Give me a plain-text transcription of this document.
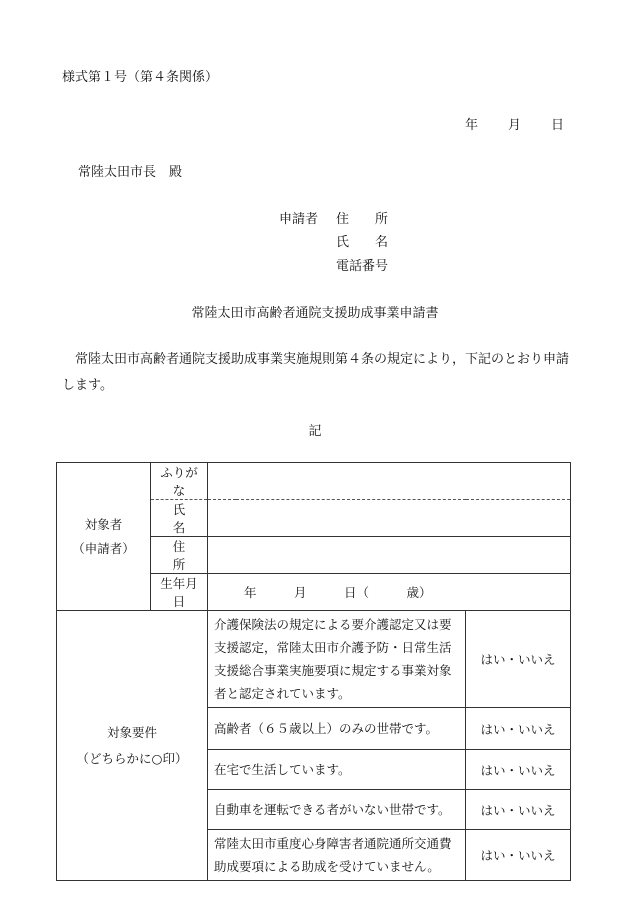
様式第１号（第４条関係）
年 月 日
常陸太田市長　殿
申請者 住　　所
氏　　名
電話番号
常陸太田市高齢者通院支援助成事業申請書
常陸太田市高齢者通院支援助成事業実施規則第４条の規定により，下記のとおり申請します。
記
対象者
（申請者）	ふりがな		
	氏　　名		
	住　　所		
	生年月日	年　　　月　　　日（　　　歳）	

対象要件
（どちらかに○印）		介護保険法の規定による要介護認定又は要支援認定，常陸太田市介護予防・日常生活支援総合事業実施要項に規定する事業対象者と認定されています。	はい・いいえ
		高齢者（６５歳以上）のみの世帯です。	はい・いいえ
		在宅で生活しています。	はい・いいえ
		自動車を運転できる者がいない世帯です。	はい・いいえ
		常陸太田市重度心身障害者通院通所交通費助成要項による助成を受けていません。	はい・いいえ
